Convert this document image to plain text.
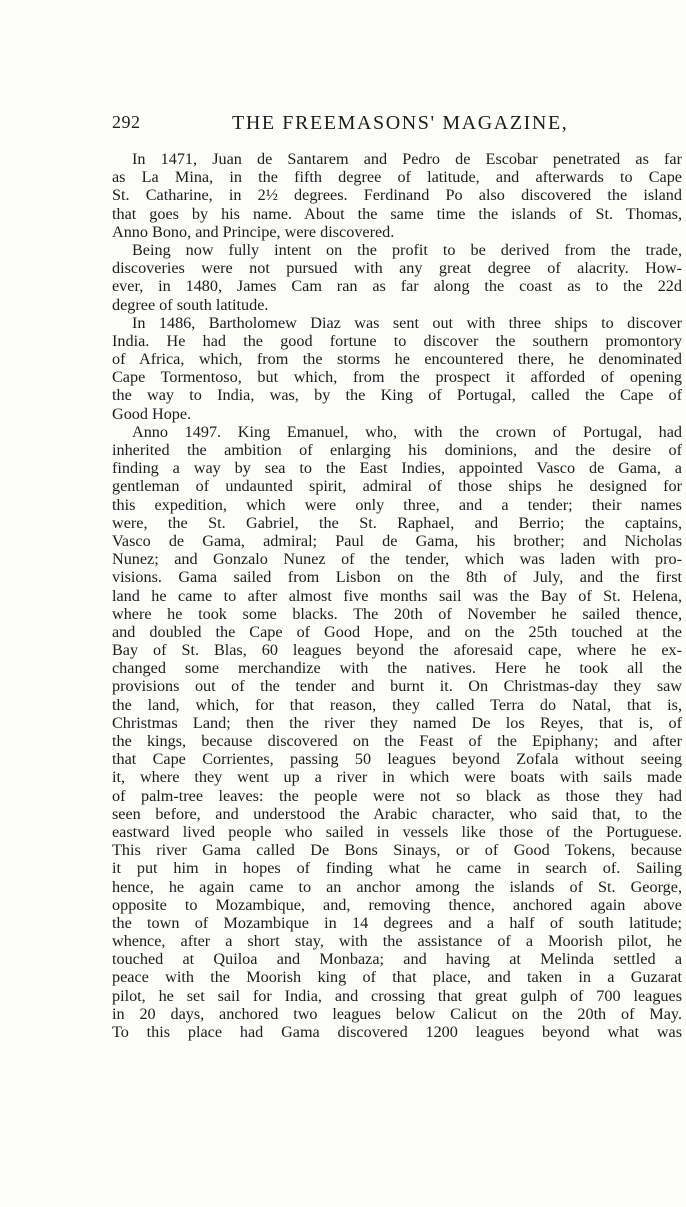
292	THE FREEMASONS' MAGAZINE,
In 1471, Juan de Santarem and Pedro de Escobar penetrated as far
as La Mina, in the fifth degree of latitude, and afterwards to Cape
St. Catharine, in 2½ degrees. Ferdinand Po also discovered the island
that goes by his name. About the same time the islands of St. Thomas,
Anno Bono, and Principe, were discovered.
Being now fully intent on the profit to be derived from the trade,
discoveries were not pursued with any great degree of alacrity. How-
ever, in 1480, James Cam ran as far along the coast as to the 22d
degree of south latitude.
In 1486, Bartholomew Diaz was sent out with three ships to discover
India. He had the good fortune to discover the southern promontory
of Africa, which, from the storms he encountered there, he denominated
Cape Tormentoso, but which, from the prospect it afforded of opening
the way to India, was, by the King of Portugal, called the Cape of
Good Hope.
Anno 1497. King Emanuel, who, with the crown of Portugal, had
inherited the ambition of enlarging his dominions, and the desire of
finding a way by sea to the East Indies, appointed Vasco de Gama, a
gentleman of undaunted spirit, admiral of those ships he designed for
this expedition, which were only three, and a tender; their names
were, the St. Gabriel, the St. Raphael, and Berrio; the captains,
Vasco de Gama, admiral; Paul de Gama, his brother; and Nicholas
Nunez; and Gonzalo Nunez of the tender, which was laden with pro-
visions. Gama sailed from Lisbon on the 8th of July, and the first
land he came to after almost five months sail was the Bay of St. Helena,
where he took some blacks. The 20th of November he sailed thence,
and doubled the Cape of Good Hope, and on the 25th touched at the
Bay of St. Blas, 60 leagues beyond the aforesaid cape, where he ex-
changed some merchandize with the natives. Here he took all the
provisions out of the tender and burnt it. On Christmas-day they saw
the land, which, for that reason, they called Terra do Natal, that is,
Christmas Land; then the river they named De los Reyes, that is, of
the kings, because discovered on the Feast of the Epiphany; and after
that Cape Corrientes, passing 50 leagues beyond Zofala without seeing
it, where they went up a river in which were boats with sails made
of palm-tree leaves: the people were not so black as those they had
seen before, and understood the Arabic character, who said that, to the
eastward lived people who sailed in vessels like those of the Portuguese.
This river Gama called De Bons Sinays, or of Good Tokens, because
it put him in hopes of finding what he came in search of. Sailing
hence, he again came to an anchor among the islands of St. George,
opposite to Mozambique, and, removing thence, anchored again above
the town of Mozambique in 14 degrees and a half of south latitude;
whence, after a short stay, with the assistance of a Moorish pilot, he
touched at Quiloa and Monbaza; and having at Melinda settled a
peace with the Moorish king of that place, and taken in a Guzarat
pilot, he set sail for India, and crossing that great gulph of 700 leagues
in 20 days, anchored two leagues below Calicut on the 20th of May.
To this place had Gama discovered 1200 leagues beyond what was
